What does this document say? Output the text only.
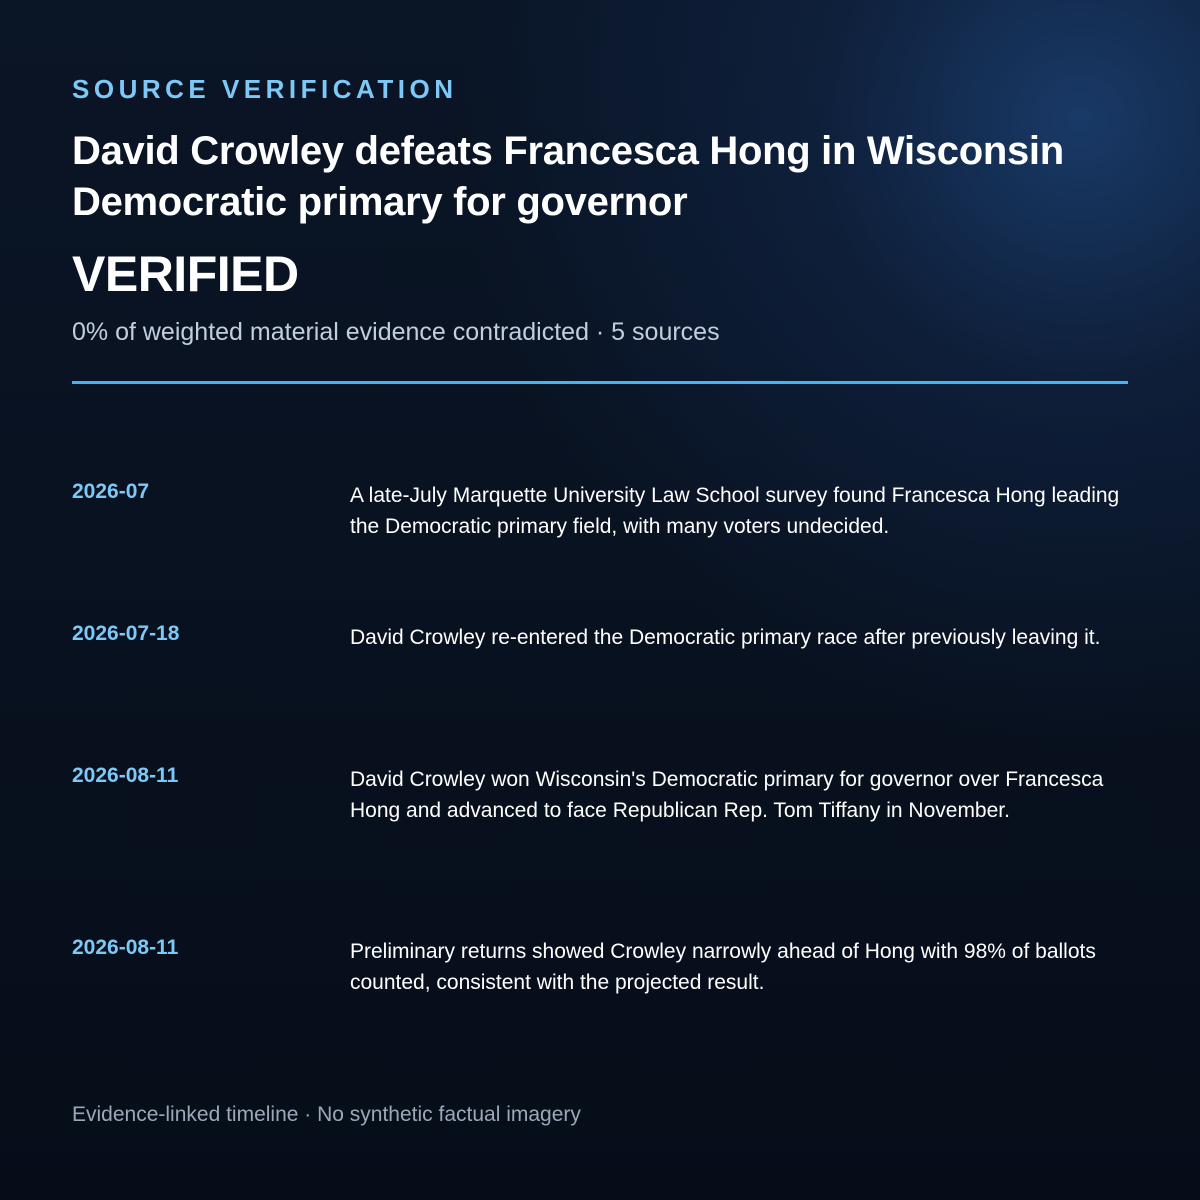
SOURCE VERIFICATION
David Crowley defeats Francesca Hong in Wisconsin Democratic primary for governor
VERIFIED
0% of weighted material evidence contradicted · 5 sources
2026-07	A late-July Marquette University Law School survey found Francesca Hong leading the Democratic primary field, with many voters undecided.
2026-07-18	David Crowley re-entered the Democratic primary race after previously leaving it.
2026-08-11	David Crowley won Wisconsin's Democratic primary for governor over Francesca Hong and advanced to face Republican Rep. Tom Tiffany in November.
2026-08-11	Preliminary returns showed Crowley narrowly ahead of Hong with 98% of ballots counted, consistent with the projected result.
Evidence-linked timeline · No synthetic factual imagery
